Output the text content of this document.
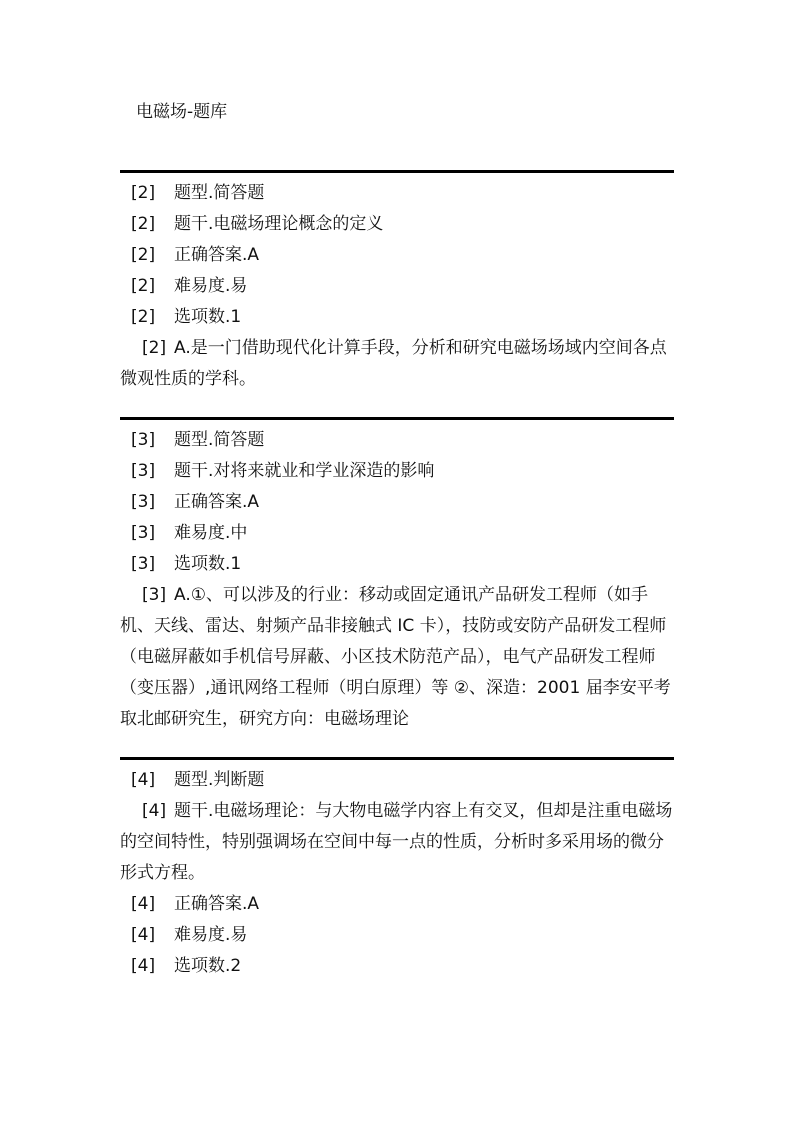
电磁场-题库
[2] 题型.简答题
[2] 题干.电磁场理论概念的定义
[2] 正确答案.A
[2] 难易度.易
[2] 选项数.1
[2] A.是一门借助现代化计算手段，分析和研究电磁场场域内空间各点微观性质的学科。
[3] 题型.简答题
[3] 题干.对将来就业和学业深造的影响
[3] 正确答案.A
[3] 难易度.中
[3] 选项数.1
[3] A.①、可以涉及的行业：移动或固定通讯产品研发工程师（如手机、天线、雷达、射频产品非接触式 IC 卡），技防或安防产品研发工程师（电磁屏蔽如手机信号屏蔽、小区技术防范产品），电气产品研发工程师（变压器）,通讯网络工程师（明白原理）等 ②、深造：2001 届李安平考取北邮研究生，研究方向：电磁场理论
[4] 题型.判断题
[4] 题干.电磁场理论：与大物电磁学内容上有交叉，但却是注重电磁场的空间特性，特别强调场在空间中每一点的性质，分析时多采用场的微分形式方程。
[4] 正确答案.A
[4] 难易度.易
[4] 选项数.2
